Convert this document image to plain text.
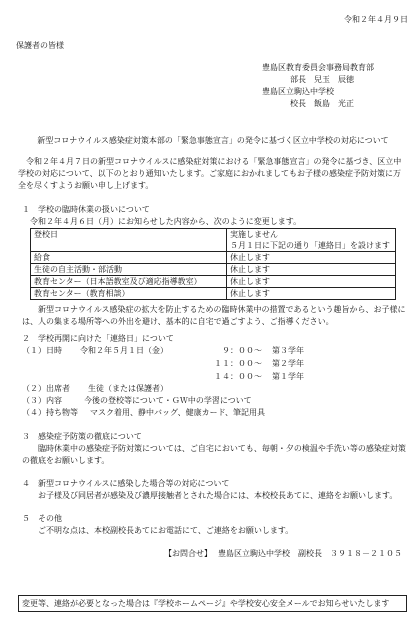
令和２年４月９日
保護者の皆様
豊島区教育委員会事務局教育部
部長　兒玉　辰徳
豊島区立駒込中学校
校長　飯島　光正
新型コロナウイルス感染症対策本部の「緊急事態宣言」の発令に基づく区立中学校の対応について
令和２年４月７日の新型コロナウイルスに感染症対策における「緊急事態宣言」の発令に基づき、区立中学校の対応について、以下のとおり通知いたします。ご家庭におかれましてもお子様の感染症予防対策に万全を尽くすようお願い申し上げます。
１　学校の臨時休業の扱いについて
令和２年４月６日（月）にお知らせした内容から、次のように変更します。
登校日	実施しません
５月１日に下記の通り「連絡日」を設けます

給食	休止します
生徒の自主活動・部活動	休止します
教育センター（日本語教室及び適応指導教室）	休止します
教育センター（教育相談）	休止します
新型コロナウイルス感染症の拡大を防止するための臨時休業中の措置であるという趣旨から、お子様には、人の集まる場所等への外出を避け、基本的に自宅で過ごすよう、ご指導ください。
２　学校再開に向けた「連絡日」について
（１）日時 令和２年５月１日（金）	９：００～ 第３学年
１１：００～ 第２学年
１４：００～ 第１学年
（２）出席者 生徒（または保護者）
（３）内容	今後の登校等について・ＧＷ中の学習について
（４）持ち物等 マスク着用、静中バッグ、健康カード、筆記用具
３　感染症予防策の徹底について
臨時休業中の感染症予防対策については、ご自宅においても、毎朝・夕の検温や手洗い等の感染症対策の徹底をお願いします。
４　新型コロナウイルスに感染した場合等の対応について
お子様及び同居者が感染及び濃厚接触者とされた場合には、本校校長あてに、連絡をお願いします。
５　その他
ご不明な点は、本校副校長あてにお電話にて、ご連絡をお願いします。
【お問合せ】 豊島区立駒込中学校　副校長　３９１８－２１０５
変更等、連絡が必要となった場合は『学校ホームページ』や学校安心安全メールでお知らせいたします
